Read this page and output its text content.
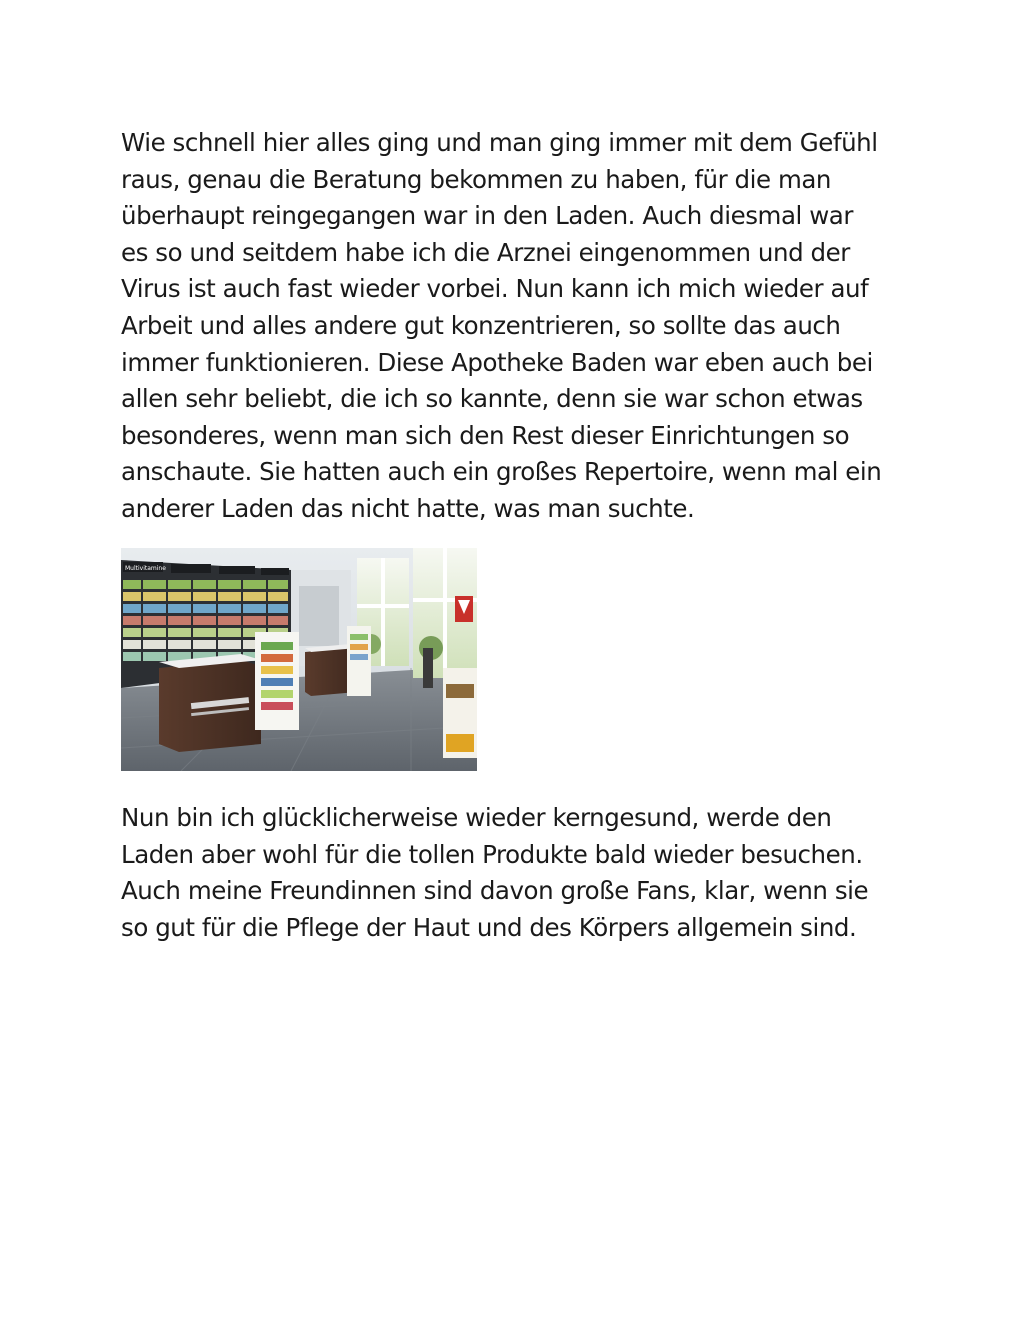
Wie schnell hier alles ging und man ging immer mit dem Gefühl
raus, genau die Beratung bekommen zu haben, für die man
überhaupt reingegangen war in den Laden. Auch diesmal war
es so und seitdem habe ich die Arznei eingenommen und der
Virus ist auch fast wieder vorbei. Nun kann ich mich wieder auf
Arbeit und alles andere gut konzentrieren, so sollte das auch
immer funktionieren. Diese Apotheke Baden war eben auch bei
allen sehr beliebt, die ich so kannte, denn sie war schon etwas
besonderes, wenn man sich den Rest dieser Einrichtungen so
anschaute. Sie hatten auch ein großes Repertoire, wenn mal ein
anderer Laden das nicht hatte, was man suchte.

Multivitamine

Nun bin ich glücklicherweise wieder kerngesund, werde den
Laden aber wohl für die tollen Produkte bald wieder besuchen.
Auch meine Freundinnen sind davon große Fans, klar, wenn sie
so gut für die Pflege der Haut und des Körpers allgemein sind.
